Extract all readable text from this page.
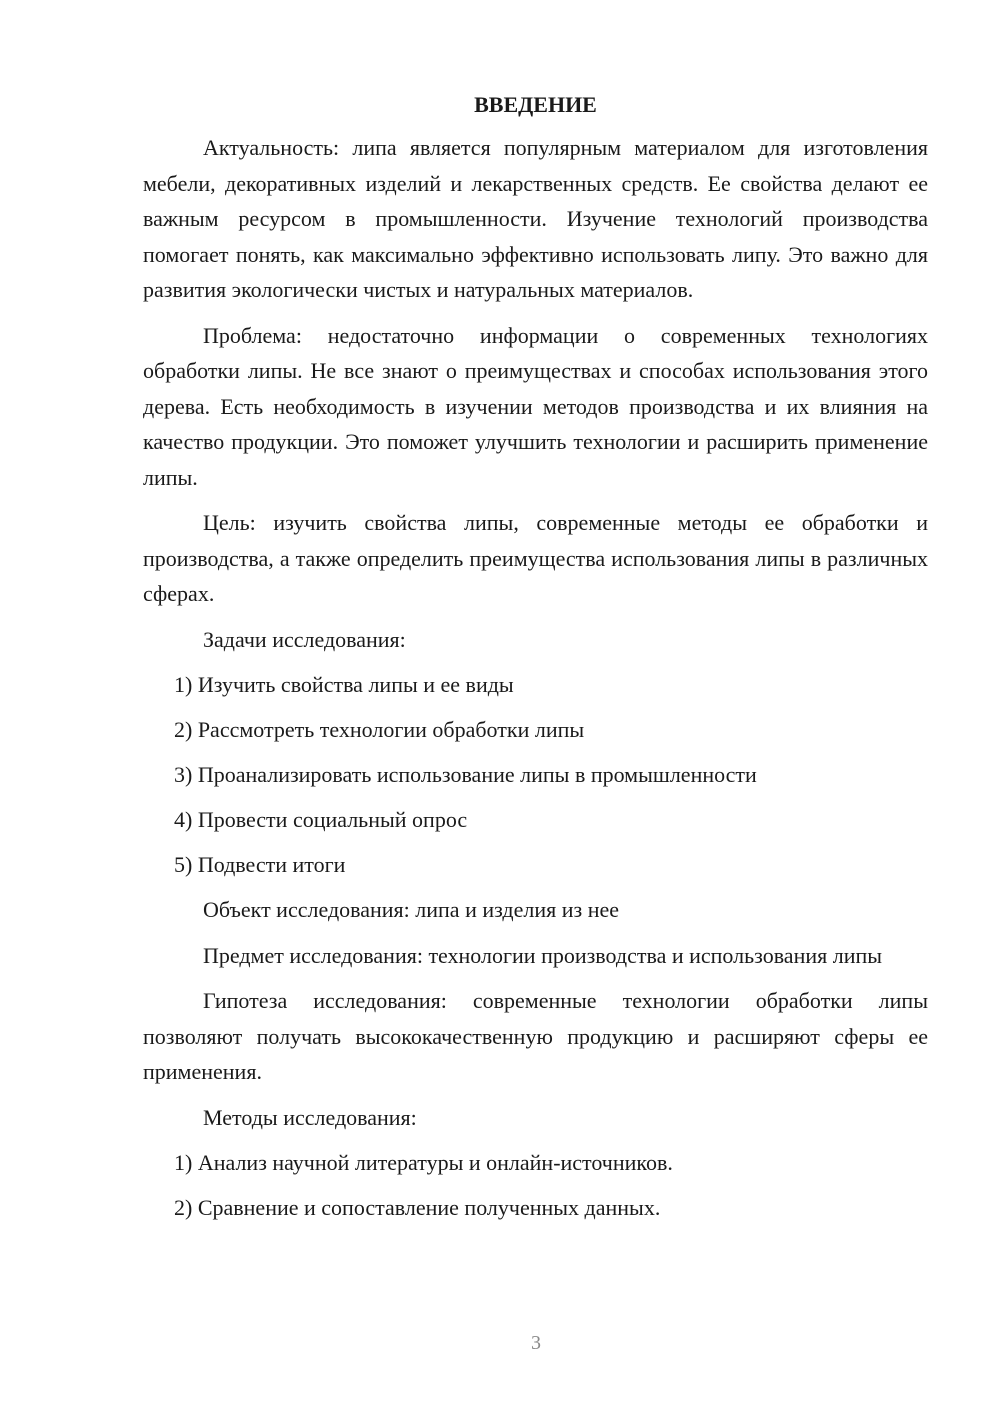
ВВЕДЕНИЕ

Актуальность: липа является популярным материалом для изготовления мебели, декоративных изделий и лекарственных средств. Ее свойства делают ее важным ресурсом в промышленности. Изучение технологий производства помогает понять, как максимально эффективно использовать липу. Это важно для развития экологически чистых и натуральных материалов.

Проблема: недостаточно информации о современных технологиях обработки липы. Не все знают о преимуществах и способах использования этого дерева. Есть необходимость в изучении методов производства и их влияния на качество продукции. Это поможет улучшить технологии и расширить применение липы.

Цель: изучить свойства липы, современные методы ее обработки и производства, а также определить преимущества использования липы в различных сферах.

Задачи исследования:
1) Изучить свойства липы и ее виды
2) Рассмотреть технологии обработки липы
3) Проанализировать использование липы в промышленности
4) Провести социальный опрос
5) Подвести итоги
Объект исследования: липа и изделия из нее

Предмет исследования: технологии производства и использования липы

Гипотеза исследования: современные технологии обработки липы позволяют получать высококачественную продукцию и расширяют сферы ее применения.

Методы исследования:
1) Анализ научной литературы и онлайн-источников.
2) Сравнение и сопоставление полученных данных.
3
